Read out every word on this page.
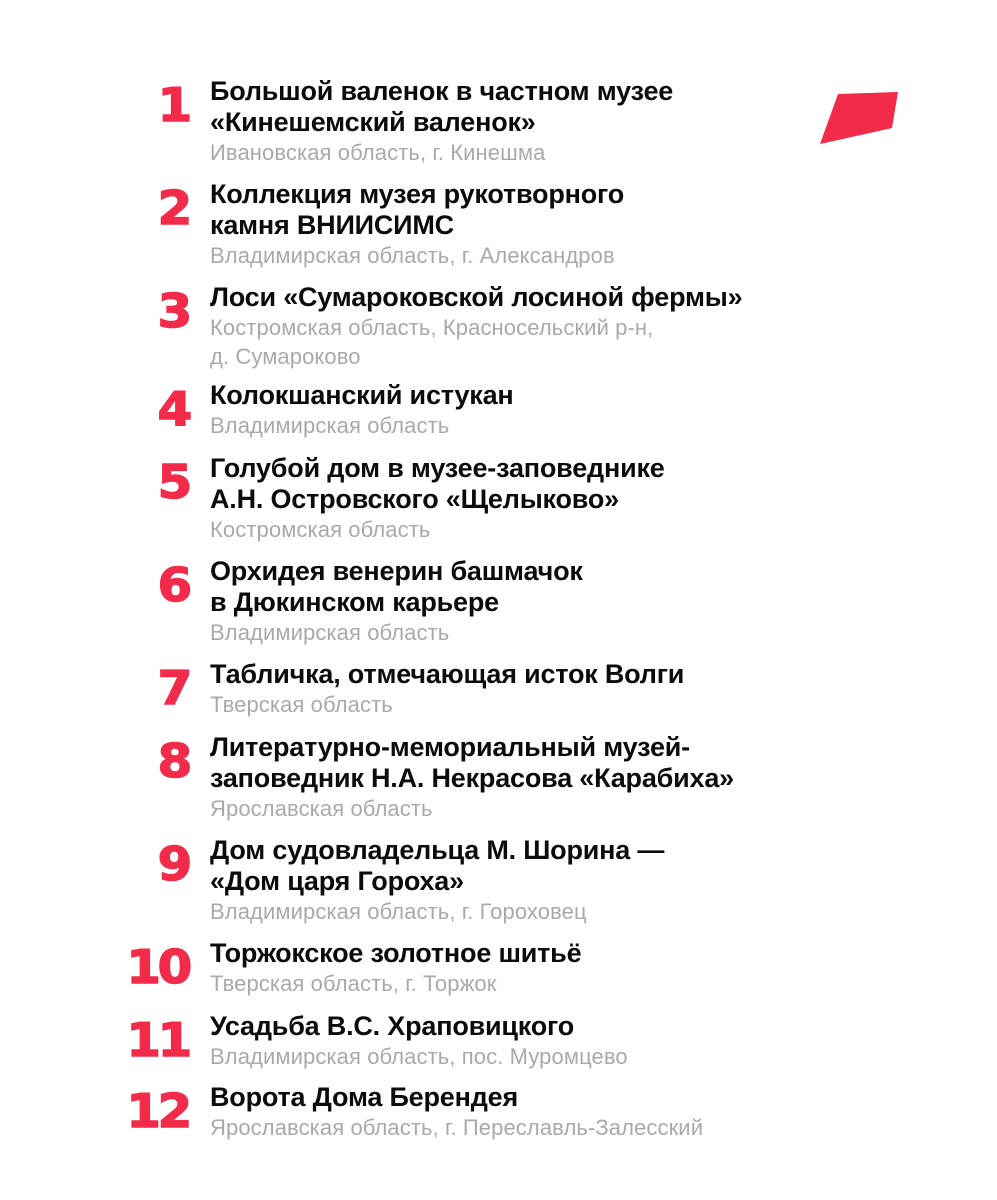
1 Большой валенок в частном музее
«Кинешемский валенок»
Ивановская область, г. Кинешма
2 Коллекция музея рукотворного
камня ВНИИСИМС
Владимирская область, г. Александров
3 Лоси «Сумароковской лосиной фермы»
Костромская область, Красносельский р-н,
д. Сумароково
4 Колокшанский истукан
Владимирская область
5 Голубой дом в музее-заповеднике
А.Н. Островского «Щелыково»
Костромская область
6 Орхидея венерин башмачок
в Дюкинском карьере
Владимирская область
7 Табличка, отмечающая исток Волги
Тверская область
8 Литературно-мемориальный музей-
заповедник Н.А. Некрасова «Карабиха»
Ярославская область
9 Дом судовладельца М. Шорина —
«Дом царя Гороха»
Владимирская область, г. Гороховец
10 Торжокское золотное шитьё
Тверская область, г. Торжок
11 Усадьба В.С. Храповицкого
Владимирская область, пос. Муромцево
12 Ворота Дома Берендея
Ярославская область, г. Переславль-Залесский
